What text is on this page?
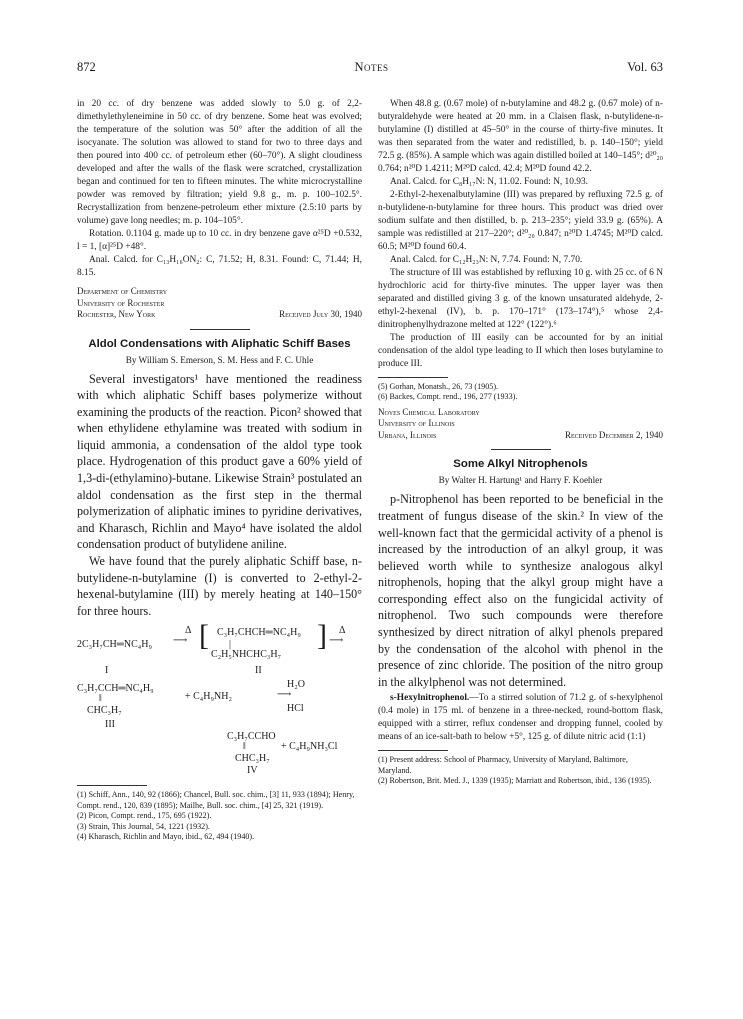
872	Notes	Vol. 63

in 20 cc. of dry benzene was added slowly to 5.0 g. of 2,2-dimethylethyleneimine in 50 cc. of dry benzene. Some heat was evolved; the temperature of the solution was 50° after the addition of all the isocyanate. The solution was allowed to stand for two to three days and then poured into 400 cc. of petroleum ether (60–70°). A slight cloudiness developed and after the walls of the flask were scratched, crystallization began and continued for ten to fifteen minutes. The white microcrystalline powder was removed by filtration; yield 9.8 g., m. p. 100–102.5°. Recrystallization from benzene-petroleum ether mixture (2.5:10 parts by volume) gave long needles; m. p. 104–105°.

Rotation. 0.1104 g. made up to 10 cc. in dry benzene gave α²⁵D +0.532, l = 1, [α]²⁵D +48°.

Anal. Calcd. for C₁₃H₁₆ON₂: C, 71.52; H, 8.31. Found: C, 71.44; H, 8.15.

Department of Chemistry
University of Rochester
Rochester, New York	Received July 30, 1940
Aldol Condensations with Aliphatic Schiff Bases
By William S. Emerson, S. M. Hess and F. C. Uhle

Several investigators¹ have mentioned the readiness with which aliphatic Schiff bases polymerize without examining the products of the reaction. Picon² showed that when ethylidene ethylamine was treated with sodium in liquid ammonia, a condensation of the aldol type took place. Hydrogenation of this product gave a 60% yield of 1,3-di-(ethylamino)-butane. Likewise Strain³ postulated an aldol condensation as the first step in the thermal polymerization of aliphatic imines to pyridine derivatives, and Kharasch, Richlin and Mayo⁴ have isolated the aldol condensation product of butylidene aniline.

We have found that the purely aliphatic Schiff base, n-butylidene-n-butylamine (I) is converted to 2-ethyl-2-hexenal-butylamine (III) by merely heating at 140–150° for three hours.

2C₃H₇CH═NC₄H₉
Δ
⟶ [ C₃H₇CHCH═NC₄H₉
|
C₂H₅NHCHC₃H₇
] Δ
⟶
I	II
C₃H₇CCH═NC₄H₉
‖
CHC₃H₇
+ C₄H₉NH₂
H₂O
⟶
HCl
III
C₃H₇CCHO
‖
CHC₃H₇
+ C₄H₉NH₃Cl
IV

(1) Schiff, Ann., 140, 92 (1866); Chancel, Bull. soc. chim., [3] 11, 933 (1894); Henry, Compt. rend., 120, 839 (1895); Mailhe, Bull. soc. chim., [4] 25, 321 (1919).

(2) Picon, Compt. rend., 175, 695 (1922).

(3) Strain, This Journal, 54, 1221 (1932).

(4) Kharasch, Richlin and Mayo, ibid., 62, 494 (1940).

When 48.8 g. (0.67 mole) of n-butylamine and 48.2 g. (0.67 mole) of n-butyraldehyde were heated at 20 mm. in a Claisen flask, n-butylidene-n-butylamine (I) distilled at 45–50° in the course of thirty-five minutes. It was then separated from the water and redistilled, b. p. 140–150°; yield 72.5 g. (85%). A sample which was again distilled boiled at 140–145°; d²⁰₂₀ 0.764; n²⁰D 1.4211; M²⁰D calcd. 42.4; M²⁰D found 42.2.

Anal. Calcd. for C₈H₁₇N: N, 11.02. Found: N, 10.93.

2-Ethyl-2-hexenalbutylamine (III) was prepared by refluxing 72.5 g. of n-butylidene-n-butylamine for three hours. This product was dried over sodium sulfate and then distilled, b. p. 213–235°; yield 33.9 g. (65%). A sample was redistilled at 217–220°; d²⁰₂₀ 0.847; n²⁰D 1.4745; M²⁰D calcd. 60.5; M²⁰D found 60.4.

Anal. Calcd. for C₁₂H₂₃N: N, 7.74. Found: N, 7.70.

The structure of III was established by refluxing 10 g. with 25 cc. of 6 N hydrochloric acid for thirty-five minutes. The upper layer was then separated and distilled giving 3 g. of the known unsaturated aldehyde, 2-ethyl-2-hexenal (IV), b. p. 170–171° (173–174°),⁵ whose 2,4-dinitrophenylhydrazone melted at 122° (122°).⁶

The production of III easily can be accounted for by an initial condensation of the aldol type leading to II which then loses butylamine to produce III.

(5) Gorhan, Monatsh., 26, 73 (1905).

(6) Backes, Compt. rend., 196, 277 (1933).

Noyes Chemical Laboratory
University of Illinois
Urbana, Illinois	Received December 2, 1940
Some Alkyl Nitrophenols
By Walter H. Hartung¹ and Harry F. Koehler

p-Nitrophenol has been reported to be beneficial in the treatment of fungus disease of the skin.² In view of the well-known fact that the germicidal activity of a phenol is increased by the introduction of an alkyl group, it was believed worth while to synthesize analogous alkyl nitrophenols, hoping that the alkyl group might have a corresponding effect also on the fungicidal activity of nitrophenol. Two such compounds were therefore synthesized by direct nitration of alkyl phenols prepared by the condensation of the alcohol with phenol in the presence of zinc chloride. The position of the nitro group in the alkylphenol was not determined.

s-Hexylnitrophenol.—To a stirred solution of 71.2 g. of s-hexylphenol (0.4 mole) in 175 ml. of benzene in a three-necked, round-bottom flask, equipped with a stirrer, reflux condenser and dropping funnel, cooled by means of an ice-salt-bath to below +5°, 125 g. of dilute nitric acid (1:1)

(1) Present address: School of Pharmacy, University of Maryland, Baltimore, Maryland.

(2) Robertson, Brit. Med. J., 1339 (1935); Marriatt and Robertson, ibid., 136 (1935).
